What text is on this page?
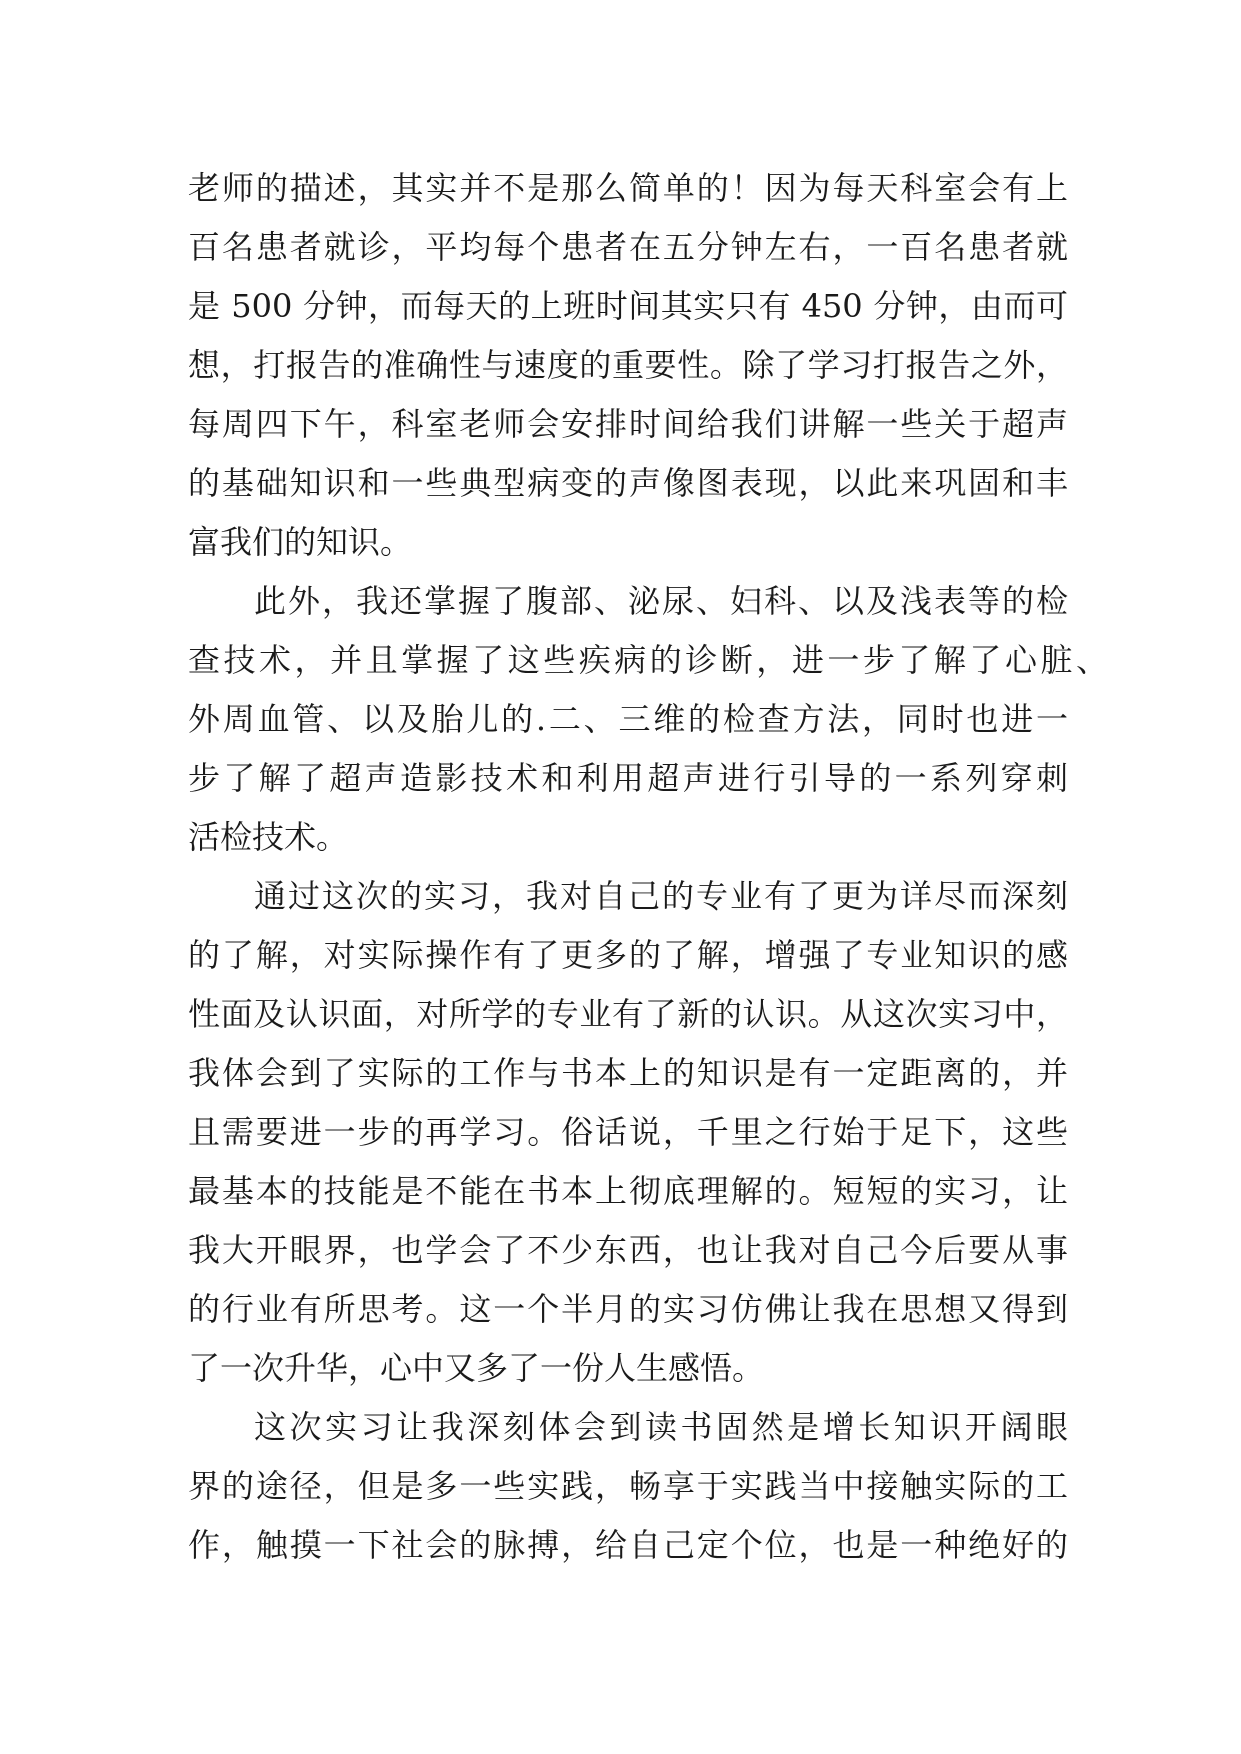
老师的描述，其实并不是那么简单的！因为每天科室会有上
百名患者就诊，平均每个患者在五分钟左右，一百名患者就
是 500 分钟，而每天的上班时间其实只有 450 分钟，由而可
想，打报告的准确性与速度的重要性。除了学习打报告之外，
每周四下午，科室老师会安排时间给我们讲解一些关于超声
的基础知识和一些典型病变的声像图表现，以此来巩固和丰
富我们的知识。
此外，我还掌握了腹部、泌尿、妇科、以及浅表等的检
查技术，并且掌握了这些疾病的诊断，进一步了解了心脏、
外周血管、以及胎儿的.二、三维的检查方法，同时也进一
步了解了超声造影技术和利用超声进行引导的一系列穿刺
活检技术。
通过这次的实习，我对自己的专业有了更为详尽而深刻
的了解，对实际操作有了更多的了解，增强了专业知识的感
性面及认识面，对所学的专业有了新的认识。从这次实习中，
我体会到了实际的工作与书本上的知识是有一定距离的，并
且需要进一步的再学习。俗话说，千里之行始于足下，这些
最基本的技能是不能在书本上彻底理解的。短短的实习，让
我大开眼界，也学会了不少东西，也让我对自己今后要从事
的行业有所思考。这一个半月的实习仿佛让我在思想又得到
了一次升华，心中又多了一份人生感悟。
这次实习让我深刻体会到读书固然是增长知识开阔眼
界的途径，但是多一些实践，畅享于实践当中接触实际的工
作，触摸一下社会的脉搏，给自己定个位，也是一种绝好的
